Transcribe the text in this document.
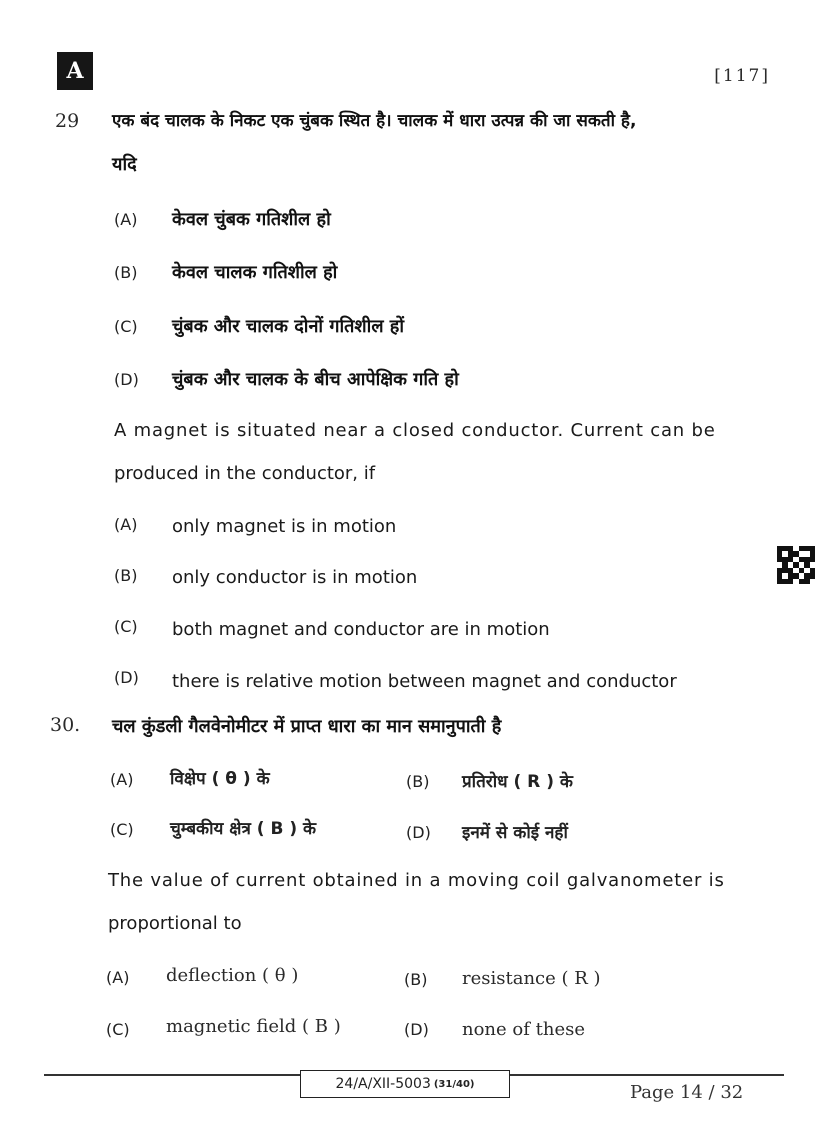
A	[117]
29 एक बंद चालक के निकट एक चुंबक स्थित है। चालक में धारा उत्पन्न की जा सकती है,
यदि
(A) केवल चुंबक गतिशील हो
(B) केवल चालक गतिशील हो
(C) चुंबक और चालक दोनों गतिशील हों
(D) चुंबक और चालक के बीच आपेक्षिक गति हो
A magnet is situated near a closed conductor. Current can be
produced in the conductor, if
(A) only magnet is in motion
(B) only conductor is in motion
(C) both magnet and conductor are in motion
(D) there is relative motion between magnet and conductor
30. चल कुंडली गैलवेनोमीटर में प्राप्त धारा का मान समानुपाती है
(A) विक्षेप ( θ ) के	(B) प्रतिरोध ( R ) के
(C) चुम्बकीय क्षेत्र ( B ) के	(D) इनमें से कोई नहीं
The value of current obtained in a moving coil galvanometer is
proportional to
(A) deflection ( θ )	(B) resistance ( R )
(C) magnetic field ( B )	(D) none of these
24/A/XII-5003 (31/40)	Page 14 / 32
